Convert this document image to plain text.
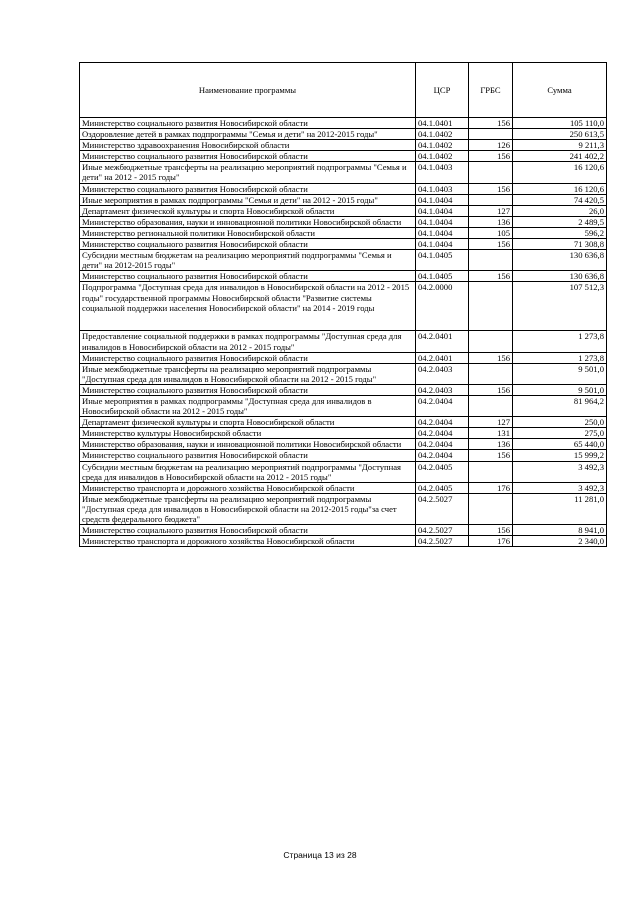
Наименование программы	ЦСР	ГРБС	Сумма
Министерство социального развития Новосибирской области	04.1.0401	156	105 110,0
Оздоровление детей в рамках подпрограммы "Семья и дети" на 2012-2015 годы"	04.1.0402		250 613,5
Министерство здравоохранения Новосибирской области	04.1.0402	126	9 211,3
Министерство социального развития Новосибирской области	04.1.0402	156	241 402,2
Иные межбюджетные трансферты на реализацию мероприятий подпрограммы "Семья и дети" на 2012 - 2015 годы"	04.1.0403		16 120,6
Министерство социального развития Новосибирской области	04.1.0403	156	16 120,6
Иные мероприятия в рамках подпрограммы "Семья и дети" на 2012 - 2015 годы"	04.1.0404		74 420,5
Департамент физической культуры и спорта Новосибирской области	04.1.0404	127	26,0
Министерство образования, науки и инновационной политики Новосибирской области	04.1.0404	136	2 489,5
Министерство региональной политики Новосибирской области	04.1.0404	105	596,2
Министерство социального развития Новосибирской области	04.1.0404	156	71 308,8
Субсидии местным бюджетам на реализацию мероприятий подпрограммы "Семья и дети" на 2012-2015 годы"	04.1.0405		130 636,8
Министерство социального развития Новосибирской области	04.1.0405	156	130 636,8
Подпрограмма "Доступная среда для инвалидов в Новосибирской области на 2012 - 2015 годы" государственной программы Новосибирской области "Развитие системы социальной поддержки населения Новосибирской области" на 2014 - 2019 годы	04.2.0000		107 512,3
Предоставление социальной поддержки в рамках подпрограммы "Доступная среда для инвалидов в Новосибирской области на 2012 - 2015 годы"	04.2.0401		1 273,8
Министерство социального развития Новосибирской области	04.2.0401	156	1 273,8
Иные межбюджетные трансферты на реализацию мероприятий подпрограммы "Доступная среда для инвалидов в Новосибирской области на 2012 - 2015 годы"	04.2.0403		9 501,0
Министерство социального развития Новосибирской области	04.2.0403	156	9 501,0
Иные мероприятия в рамках подпрограммы "Доступная среда для инвалидов в Новосибирской области на 2012 - 2015 годы"	04.2.0404		81 964,2
Департамент физической культуры и спорта Новосибирской области	04.2.0404	127	250,0
Министерство культуры Новосибирской области	04.2.0404	131	275,0
Министерство образования, науки и инновационной политики Новосибирской области	04.2.0404	136	65 440,0
Министерство социального развития Новосибирской области	04.2.0404	156	15 999,2
Субсидии местным бюджетам на реализацию мероприятий подпрограммы "Доступная среда для инвалидов в Новосибирской области на 2012 - 2015 годы"	04.2.0405		3 492,3
Министерство транспорта и дорожного хозяйства Новосибирской области	04.2.0405	176	3 492,3
Иные межбюджетные трансферты на реализацию мероприятий подпрограммы "Доступная среда для инвалидов в Новосибирской области на 2012-2015 годы"за счет средств федерального бюджета"	04.2.5027		11 281,0
Министерство социального развития Новосибирской области	04.2.5027	156	8 941,0
Министерство транспорта и дорожного хозяйства Новосибирской области	04.2.5027	176	2 340,0
Страница 13 из 28
